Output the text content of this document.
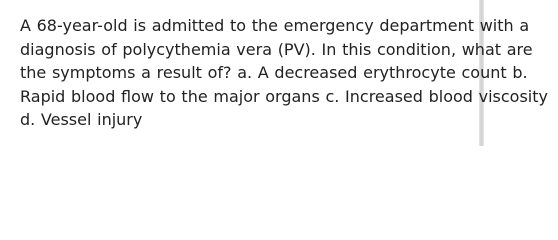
A 68-year-old is admitted to the emergency department with a
diagnosis of polycythemia vera (PV). In this condition, what are
the symptoms a result of? a. A decreased erythrocyte count b.
Rapid blood flow to the major organs c. Increased blood viscosity
d. Vessel injury
